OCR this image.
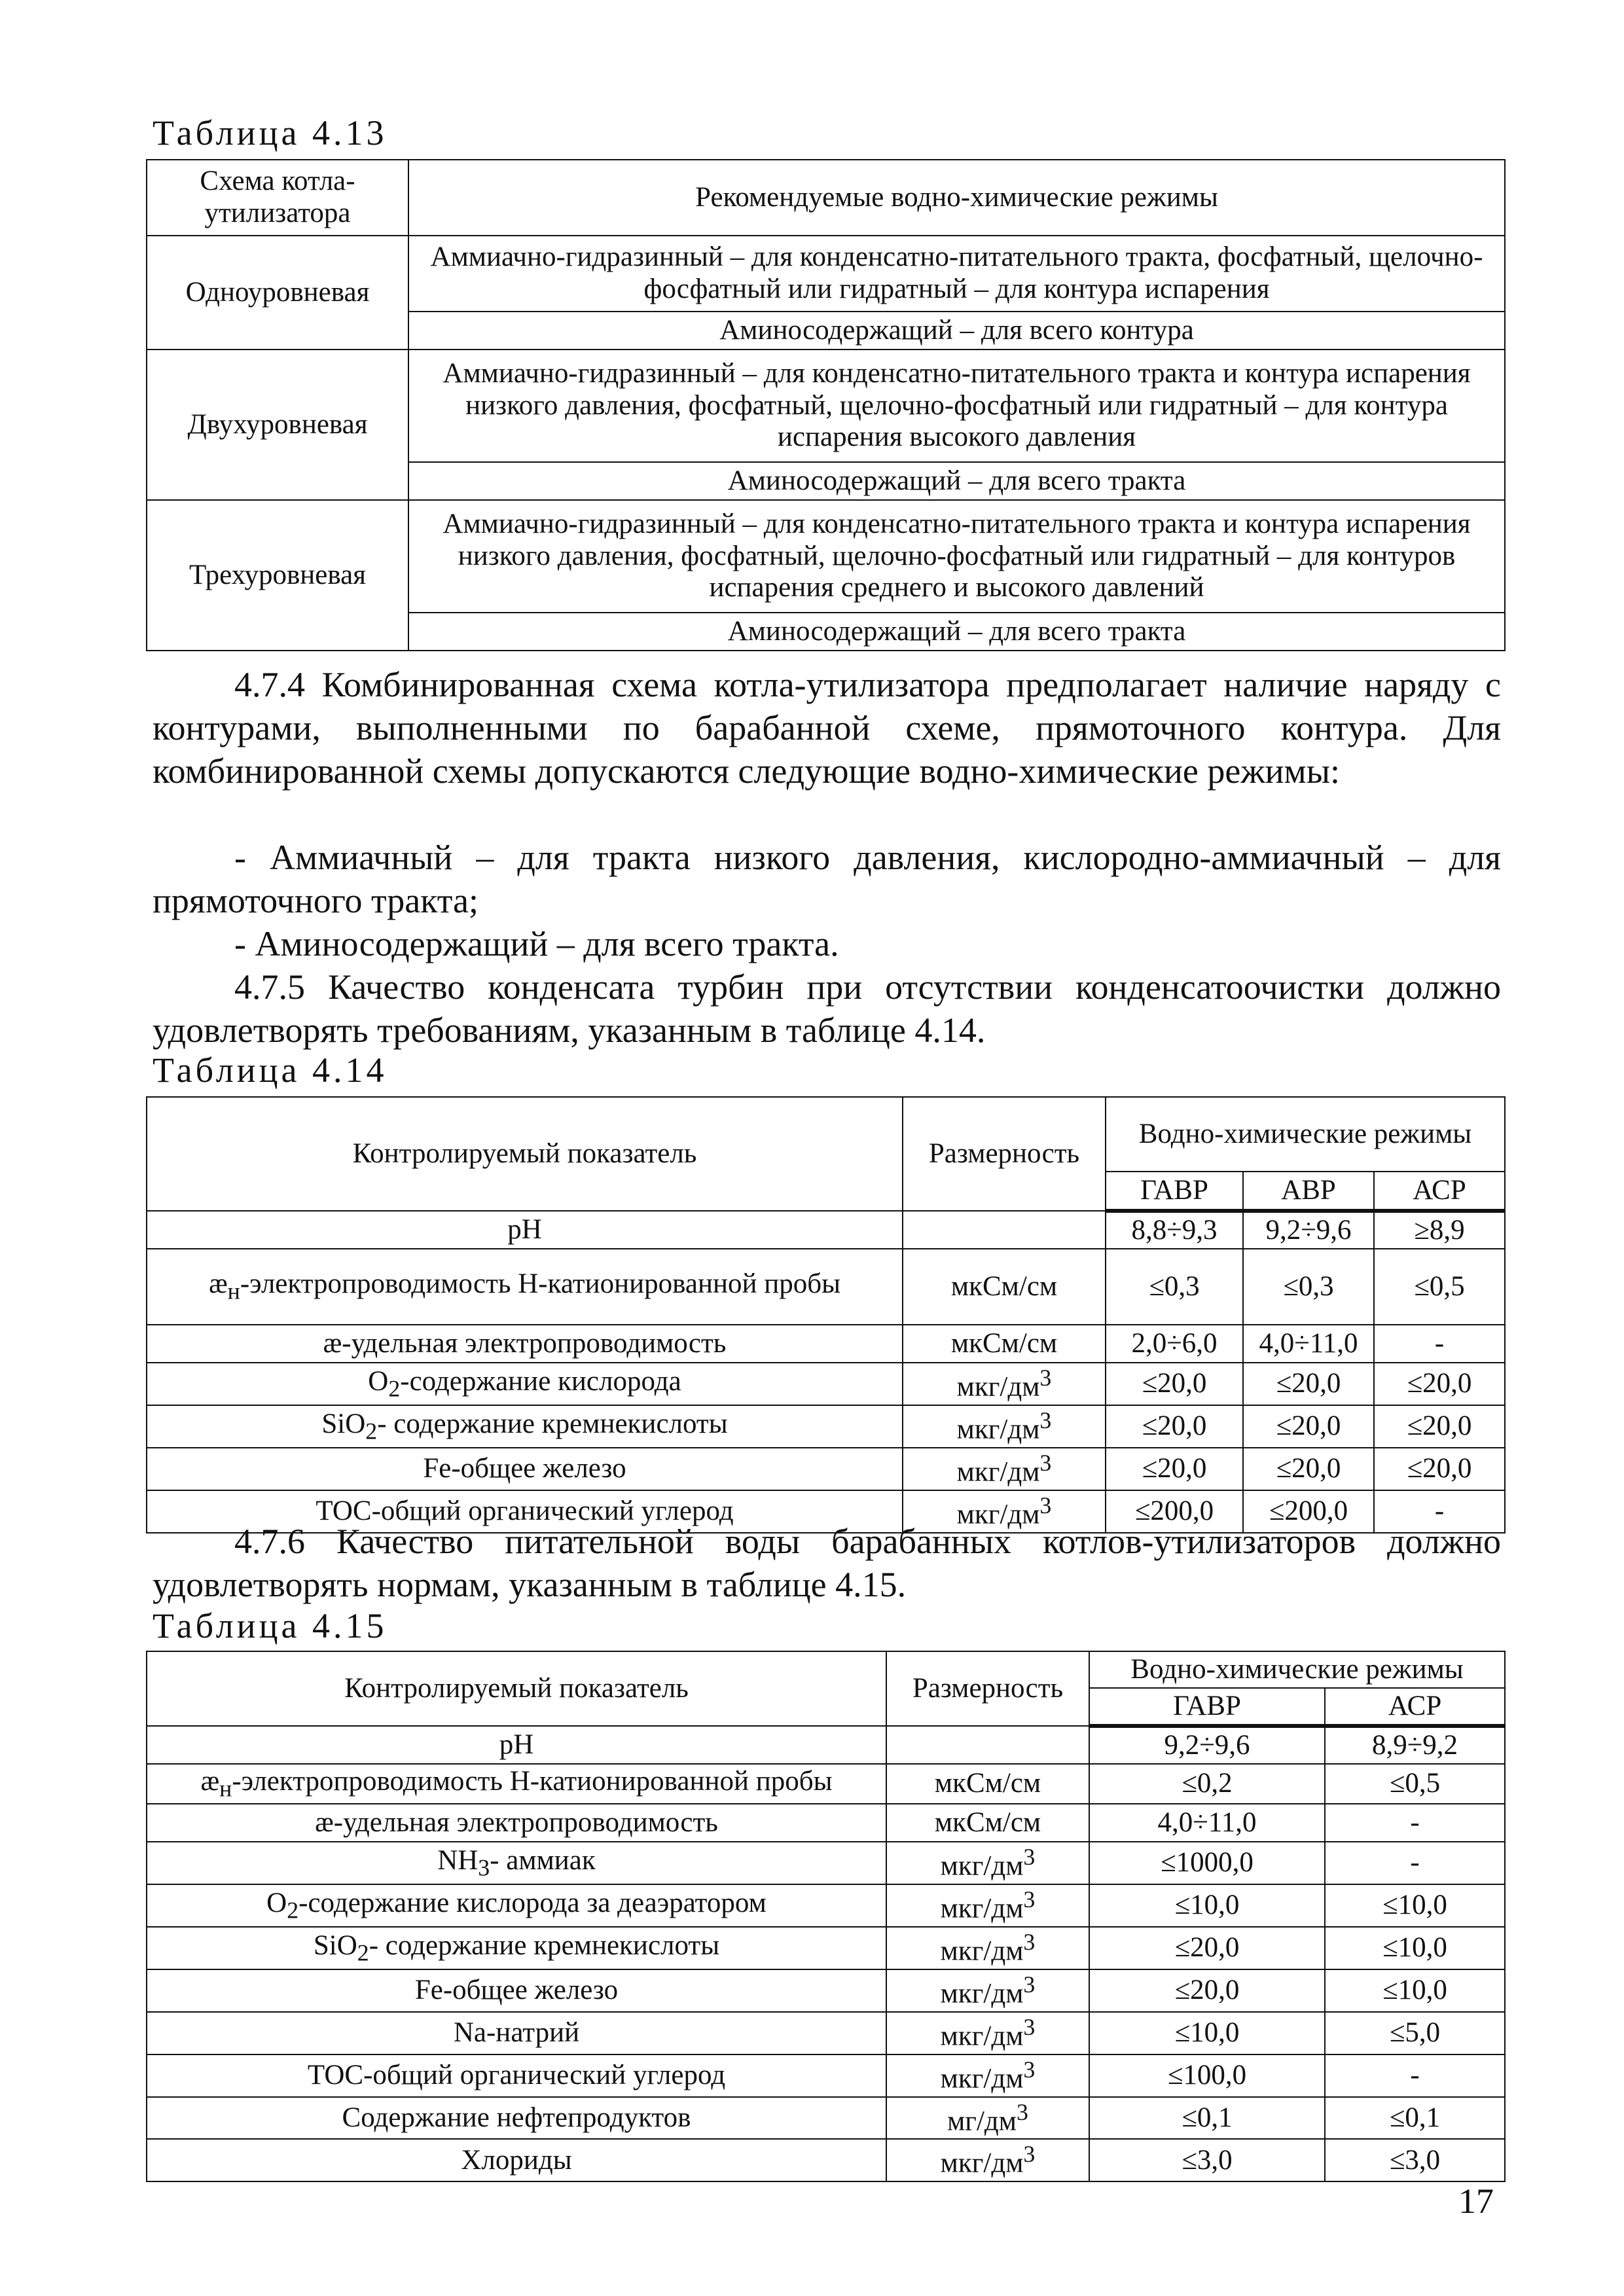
Таблица 4.13
Схема котла-утилизатора	Рекомендуемые водно-химические режимы
Одноуровневая	Аммиачно-гидразинный – для конденсатно-питательного тракта, фосфатный, щелочно-фосфатный или гидратный – для контура испарения
	Аминосодержащий – для всего контура
Двухуровневая	Аммиачно-гидразинный – для конденсатно-питательного тракта и контура испарения низкого давления, фосфатный, щелочно-фосфатный или гидратный – для контура испарения высокого давления
	Аминосодержащий – для всего тракта
Трехуровневая	Аммиачно-гидразинный – для конденсатно-питательного тракта и контура испарения низкого давления, фосфатный, щелочно-фосфатный или гидратный – для контуров испарения среднего и высокого давлений
	Аминосодержащий – для всего тракта
4.7.4 Комбинированная схема котла-утилизатора предполагает наличие наряду с контурами, выполненными по барабанной схеме, прямоточного контура. Для комбинированной схемы допускаются следующие водно-химические режимы:
- Аммиачный – для тракта низкого давления, кислородно-аммиачный – для прямоточного тракта;
- Аминосодержащий – для всего тракта.
4.7.5 Качество конденсата турбин при отсутствии конденсатоочистки должно удовлетворять требованиям, указанным в таблице 4.14.
Таблица 4.14
Контролируемый показатель	Размерность	Водно-химические режимы		
		ГАВР	АВР	АСР
pH		8,8÷9,3	9,2÷9,6	≥8,9
$æ_н$-электропроводимость Н-катионированной пробы	мкСм/см	≤0,3	≤0,3	≤0,5
æ-удельная электропроводимость	мкСм/см	2,0÷6,0	4,0÷11,0	-
$O_2$-содержание кислорода	мкг/$дм^3$	≤20,0	≤20,0	≤20,0
SiO$_2$- содержание кремнекислоты	мкг/$дм^3$	≤20,0	≤20,0	≤20,0
Fe-общее железо	мкг/$дм^3$	≤20,0	≤20,0	≤20,0
TOC-общий органический углерод	мкг/$дм^3$	≤200,0	≤200,0	-
4.7.6 Качество питательной воды барабанных котлов-утилизаторов должно удовлетворять нормам, указанным в таблице 4.15.
Таблица 4.15
Контролируемый показатель	Размерность	Водно-химические режимы	
		ГАВР	АСР
pH		9,2÷9,6	8,9÷9,2
$æ_н$-электропроводимость Н-катионированной пробы	мкСм/см	≤0,2	≤0,5
æ-удельная электропроводимость	мкСм/см	4,0÷11,0	-
$NH_3-$ аммиак	мкг/$дм^3$	≤1000,0	-
$O_2$-содержание кислорода за деаэратором	мкг/$дм^3$	≤10,0	≤10,0
SiO$_2$- содержание кремнекислоты	мкг/$дм^3$	≤20,0	≤10,0
Fe-общее железо	мкг/$дм^3$	≤20,0	≤10,0
Na-натрий	мкг/$дм^3$	≤10,0	≤5,0
TOC-общий органический углерод	мкг/$дм^3$	≤100,0	-
Содержание нефтепродуктов	$мг/дм^3$	≤0,1	≤0,1
Хлориды	мкг/$дм^3$	≤3,0	≤3,0
17
